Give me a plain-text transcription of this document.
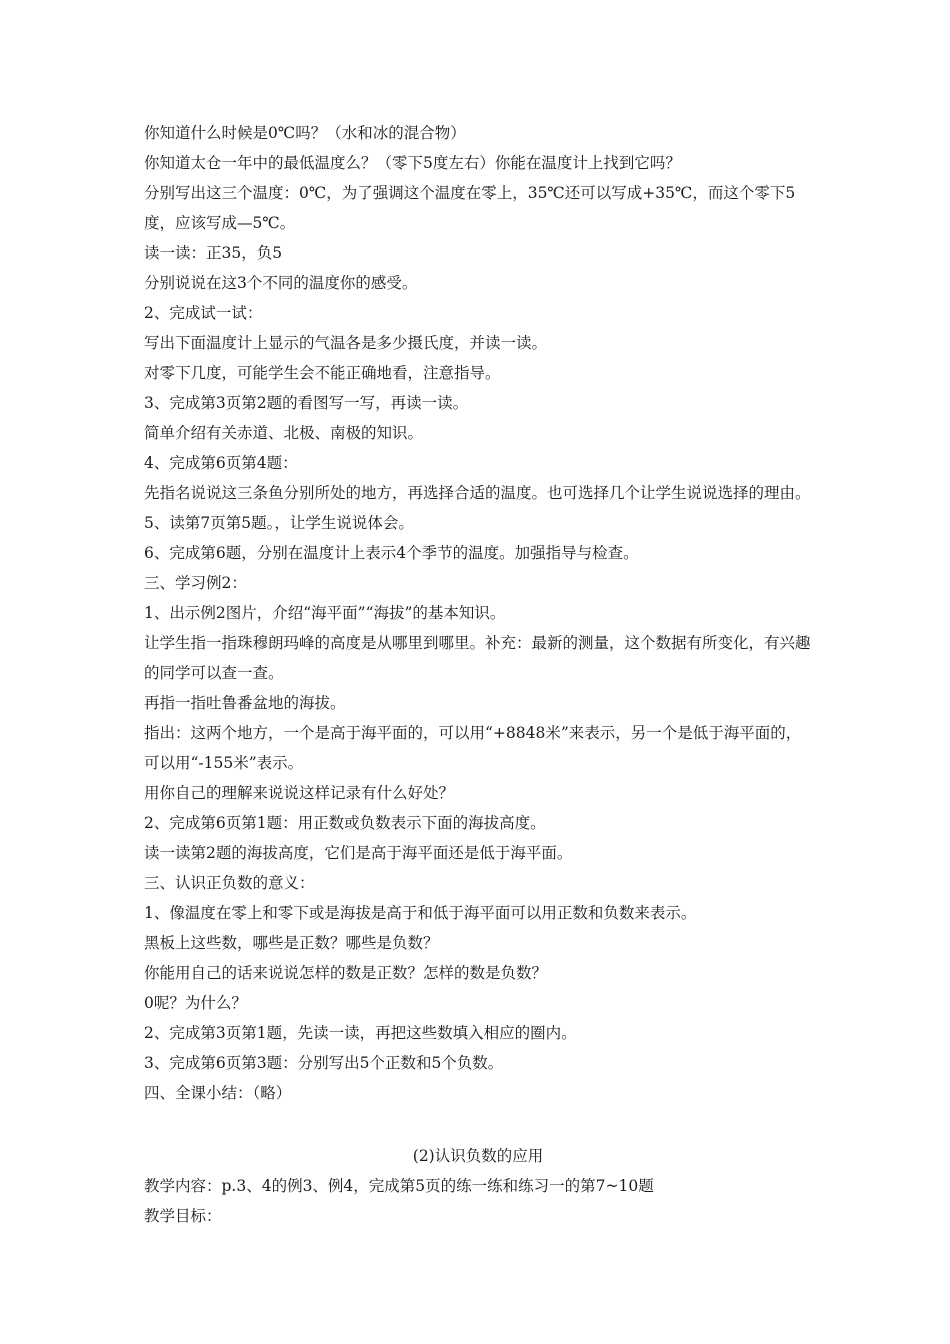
你知道什么时候是0℃吗？（水和冰的混合物）
你知道太仓一年中的最低温度么？（零下5度左右）你能在温度计上找到它吗？
分别写出这三个温度：0℃，为了强调这个温度在零上，35℃还可以写成+35℃，而这个零下5度，应该写成—5℃。
读一读：正35，负5
分别说说在这3个不同的温度你的感受。
2、完成试一试：
写出下面温度计上显示的气温各是多少摄氏度，并读一读。
对零下几度，可能学生会不能正确地看，注意指导。
3、完成第3页第2题的看图写一写，再读一读。
简单介绍有关赤道、北极、南极的知识。
4、完成第6页第4题：
先指名说说这三条鱼分别所处的地方，再选择合适的温度。也可选择几个让学生说说选择的理由。
5、读第7页第5题。，让学生说说体会。
6、完成第6题，分别在温度计上表示4个季节的温度。加强指导与检查。
三、学习例2：
1、出示例2图片，介绍“海平面”“海拔”的基本知识。
让学生指一指珠穆朗玛峰的高度是从哪里到哪里。补充：最新的测量，这个数据有所变化，有兴趣的同学可以查一查。
再指一指吐鲁番盆地的海拔。
指出：这两个地方，一个是高于海平面的，可以用“+8848米”来表示，另一个是低于海平面的，可以用“-155米”表示。
用你自己的理解来说说这样记录有什么好处？
2、完成第6页第1题：用正数或负数表示下面的海拔高度。
读一读第2题的海拔高度，它们是高于海平面还是低于海平面。
三、认识正负数的意义：
1、像温度在零上和零下或是海拔是高于和低于海平面可以用正数和负数来表示。
黑板上这些数，哪些是正数？哪些是负数？
你能用自己的话来说说怎样的数是正数？怎样的数是负数？
0呢？为什么？
2、完成第3页第1题，先读一读，再把这些数填入相应的圈内。
3、完成第6页第3题：分别写出5个正数和5个负数。
四、全课小结：（略）
(2)认识负数的应用
教学内容：p.3、4的例3、例4，完成第5页的练一练和练习一的第7~10题
教学目标：
